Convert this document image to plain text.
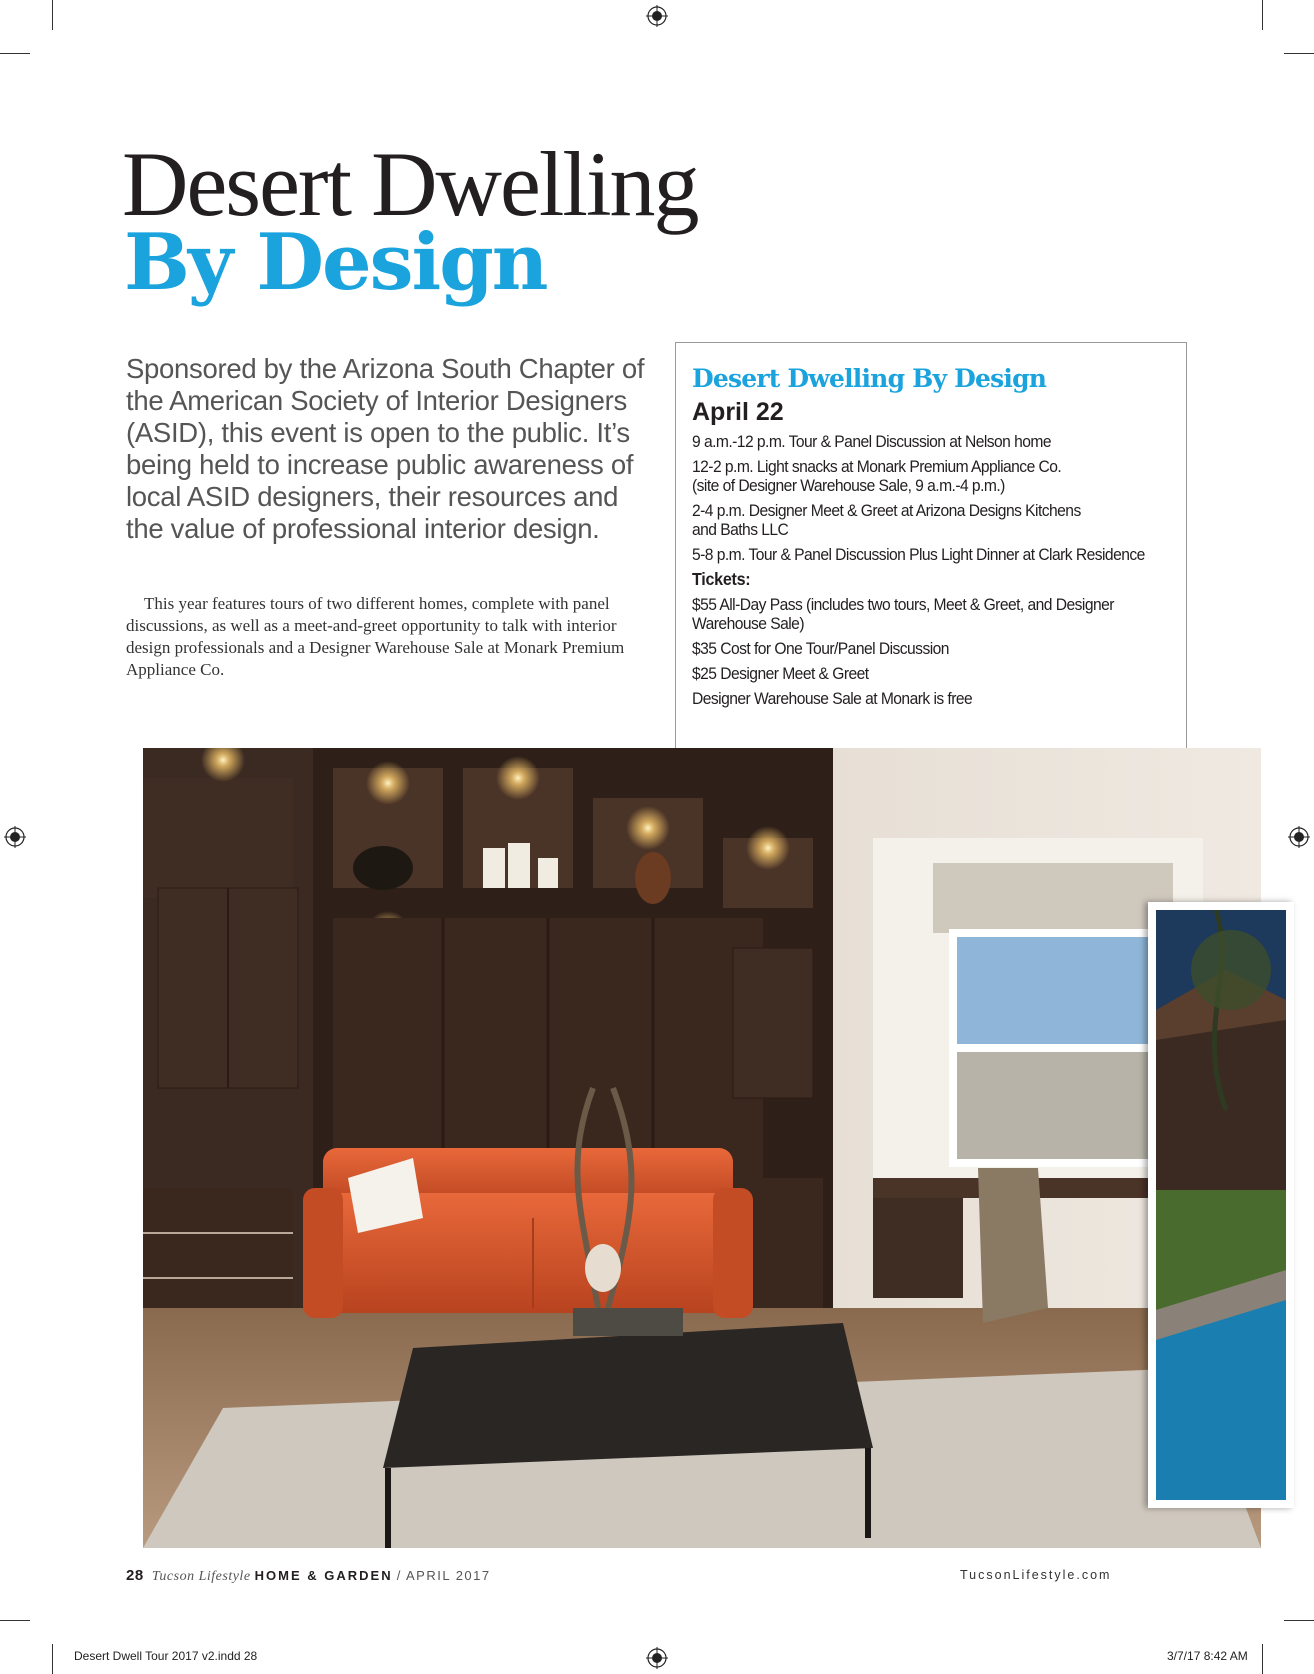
Desert Dwelling
By Design
Sponsored by the Arizona South Chapter of the American Society of Interior Designers (ASID), this event is open to the public. It’s being held to increase public awareness of local ASID designers, their resources and the value of professional interior design.
This year features tours of two different homes, complete with panel discussions, as well as a meet-and-greet opportunity to talk with interior design professionals and a Designer Warehouse Sale at Monark Premium Appliance Co.
Desert Dwelling By Design
April 22
9 a.m.-12 p.m. Tour & Panel Discussion at Nelson home
12-2 p.m. Light snacks at Monark Premium Appliance Co. (site of Designer Warehouse Sale, 9 a.m.-4 p.m.)
2-4 p.m. Designer Meet & Greet at Arizona Designs Kitchens and Baths LLC
5-8 p.m. Tour & Panel Discussion Plus Light Dinner at Clark Residence
Tickets:
$55 All-Day Pass (includes two tours, Meet & Greet, and Designer Warehouse Sale)
$35 Cost for One Tour/Panel Discussion
$25 Designer Meet & Greet
Designer Warehouse Sale at Monark is free
28 Tucson Lifestyle HOME & GARDEN / APRIL 2017	TucsonLifestyle.com
Desert Dwell Tour 2017 v2.indd 28	3/7/17 8:42 AM
